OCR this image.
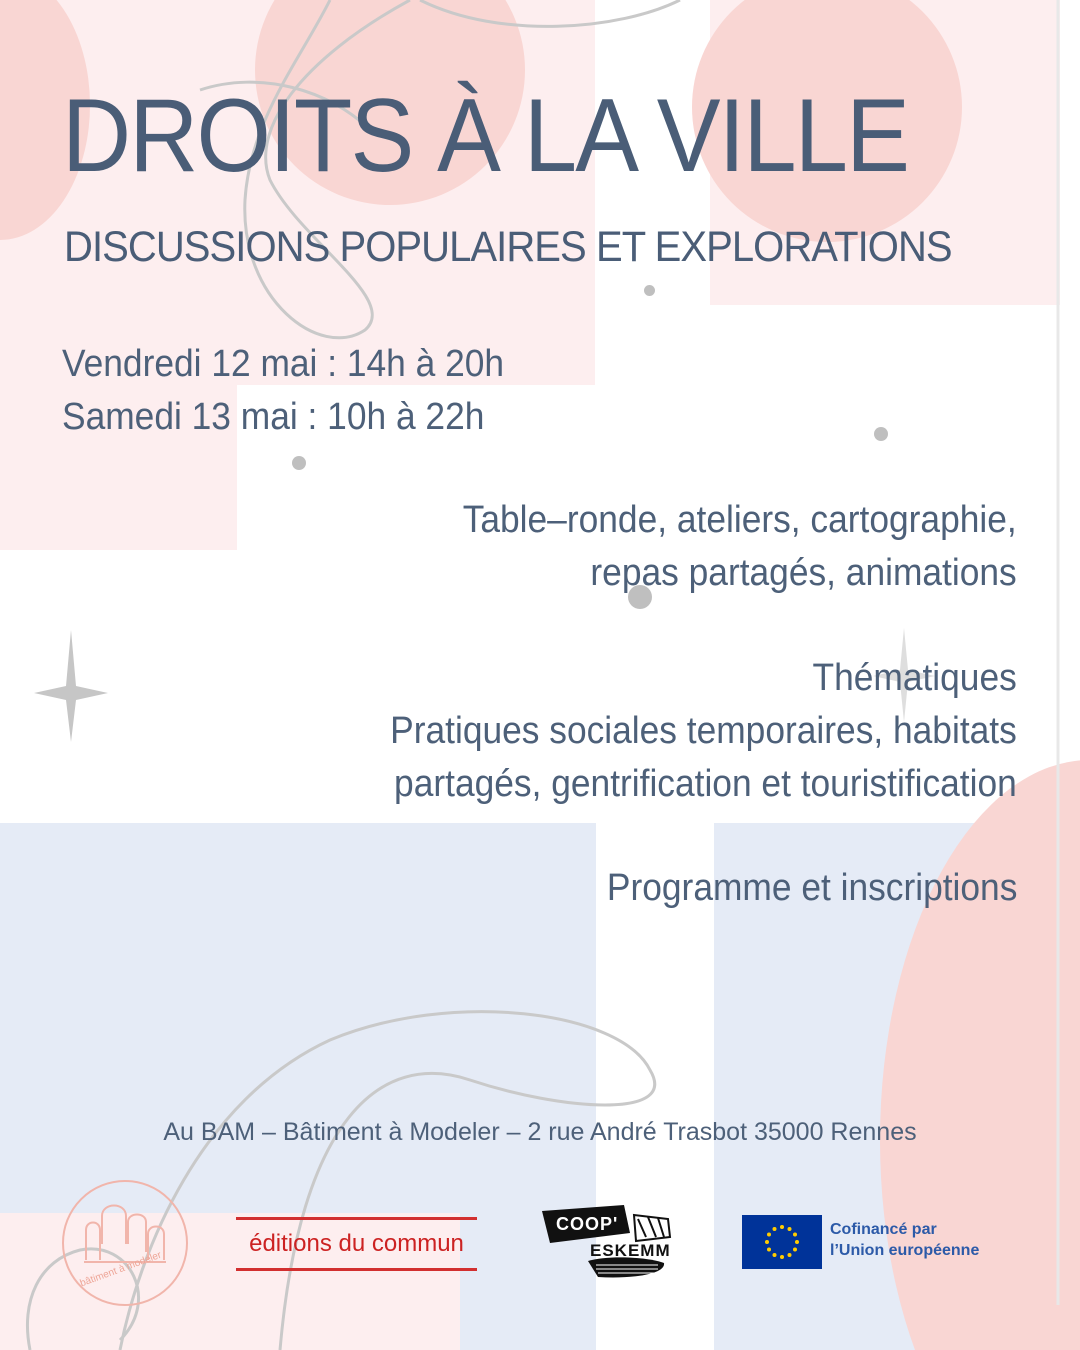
DROITS À LA VILLE
DISCUSSIONS POPULAIRES ET EXPLORATIONS
Vendredi 12 mai : 14h à 20h
Samedi 13 mai : 10h à 22h
Table–ronde, ateliers, cartographie,
repas partagés, animations
Thématiques
Pratiques sociales temporaires, habitats
partagés, gentrification et touristification
Programme et inscriptions
Au BAM – Bâtiment à Modeler – 2 rue André Trasbot 35000 Rennes
bâtiment à modeler
éditions du commun
COOP'
ESKEMM
Cofinancé par
l’Union européenne
